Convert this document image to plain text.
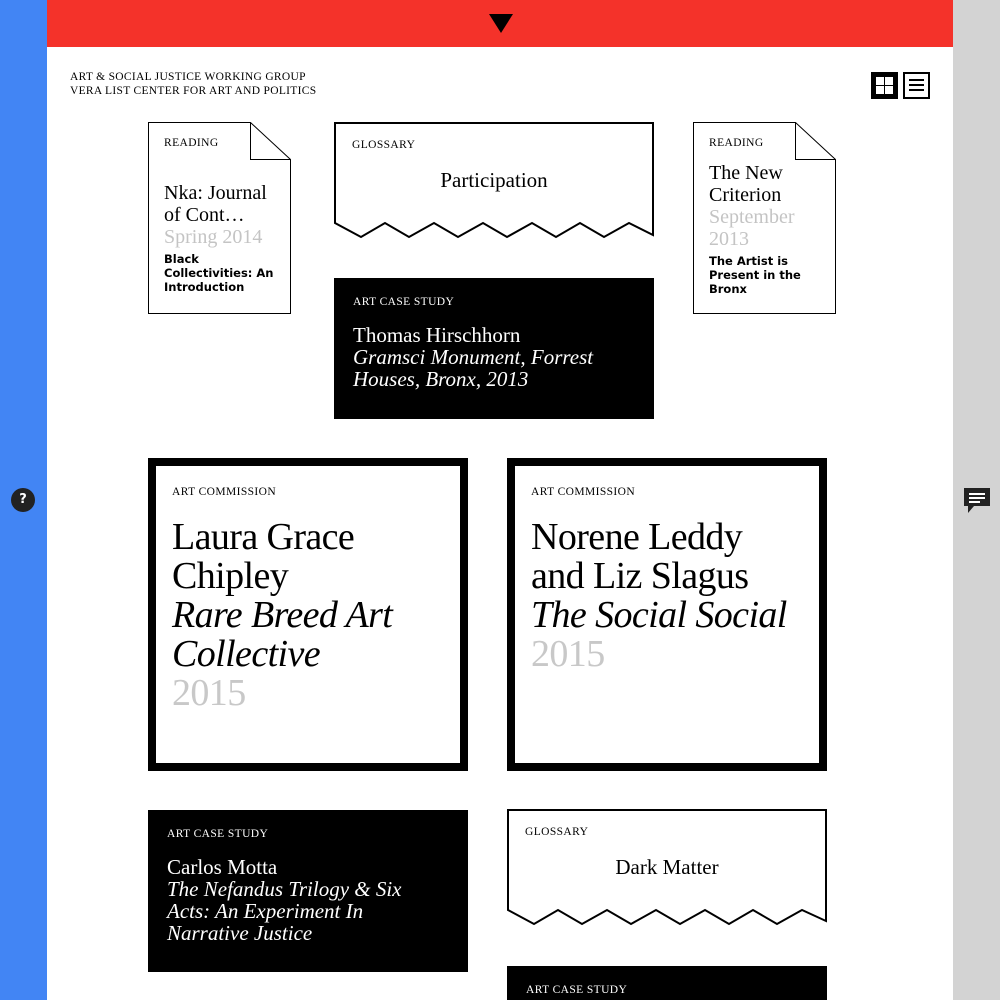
?
ART & SOCIAL JUSTICE WORKING GROUP
VERA LIST CENTER FOR ART AND POLITICS
READING
Nka: Journal of Cont…
Spring 2014
Black Collectivities: An Introduction
GLOSSARY
Participation
READING
The New Criterion
September 2013
The Artist is Present in the Bronx
ART CASE STUDY
Thomas Hirschhorn
Gramsci Monument, Forrest Houses, Bronx, 2013
ART COMMISSION
Laura Grace Chipley
Rare Breed Art Collective
2015
ART COMMISSION
Norene Leddy and Liz Slagus
The Social Social
2015
ART CASE STUDY
Carlos Motta
The Nefandus Trilogy & Six Acts: An Experiment In Narrative Justice
GLOSSARY
Dark Matter
ART CASE STUDY
